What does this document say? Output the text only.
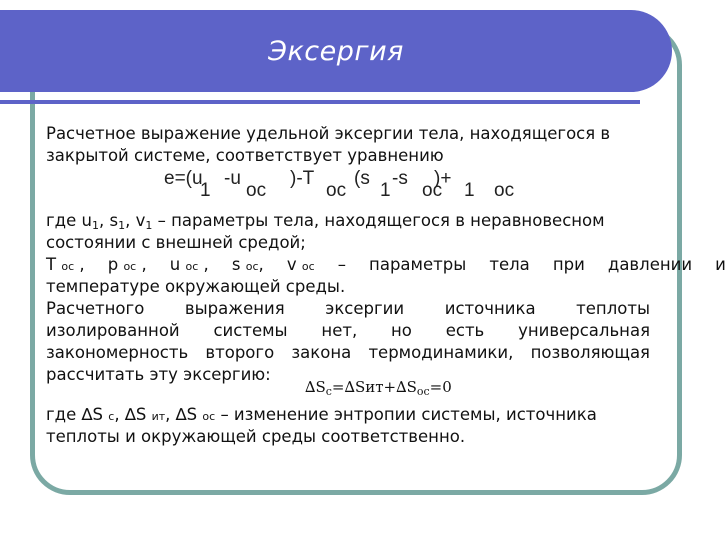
Эксергия
Расчетное выражение удельной эксергии тела, находящегося в
закрытой системе, соответствует уравнению
e=(u -u	)-T (s -s )+
1 oc	oc 1 oc 1 oc
где $u_1$, $s_1$, $v_1$ – параметры тела, находящегося в неравновесном
состоянии с внешней средой;
T oc , p oc , u oc , s oc, v oc – параметры тела при давлении и
температуре окружающей среды.
Расчетного выражения эксергии источника теплоты
изолированной системы нет, но есть универсальная
закономерность второго закона термодинамики, позволяющая
рассчитать эту эксергию:
$\Delta S_c=\Delta Sит+\Delta S_{oc}=0$
где ∆S c, ∆S ит, ∆S oc – изменение энтропии системы, источника
теплоты и окружающей среды соответственно.
